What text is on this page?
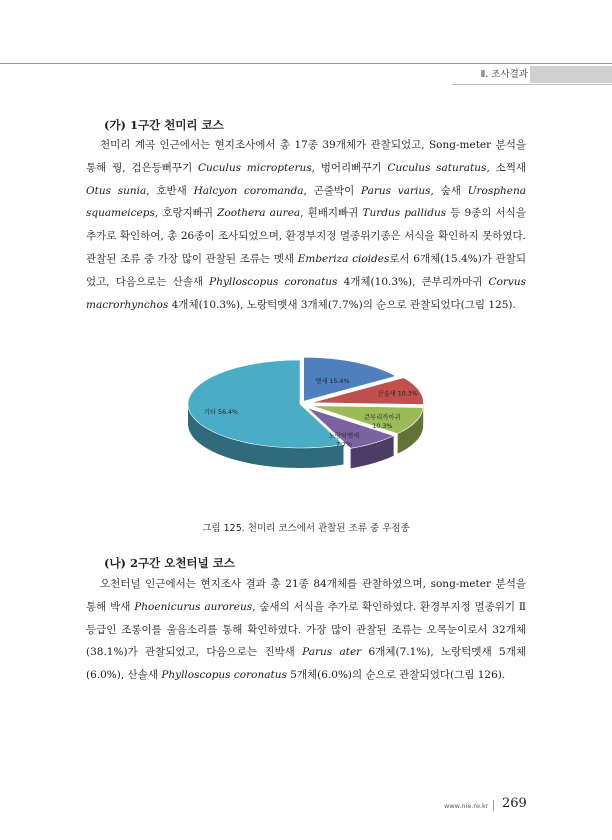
Ⅱ. 조사결과
(가) 1구간 천미리 코스

천미리 계곡 인근에서는 현지조사에서 총 17종 39개체가 관찰되었고, Song-meter 분석을 통해 꿩, 검은등뻐꾸기 Cuculus micropterus, 벙어리뻐꾸기 Cuculus saturatus, 소쩍새 Otus sunia, 호반새 Halcyon coromanda, 곤줄박이 Parus varius, 숲새 Urosphena squameiceps, 호랑지빠귀 Zoothera aurea, 흰배지빠귀 Turdus pallidus 등 9종의 서식을 추가로 확인하여, 총 26종이 조사되었으며, 환경부지정 멸종위기종은 서식을 확인하지 못하였다. 관찰된 조류 중 가장 많이 관찰된 조류는 멧새 Emberiza cioides로서 6개체(15.4%)가 관찰되었고, 다음으로는 산솔새 Phylloscopus coronatus 4개체(10.3%), 큰부리까마귀 Corvus macrorhynchos 4개체(10.3%), 노랑턱멧새 3개체(7.7%)의 순으로 관찰되었다(그림 125).

멧새 15.4%
산솔새 10.3%
큰부리까마귀 10.3%
노랑턱멧새 7.7%
기타 56.4%
그림 125. 천미리 코스에서 관찰된 조류 중 우점종
(나) 2구간 오천터널 코스

오천터널 인근에서는 현지조사 결과 총 21종 84개체를 관찰하였으며, song-meter 분석을 통해 박새 Phoenicurus auroreus, 숲새의 서식을 추가로 확인하였다. 환경부지정 멸종위기 Ⅱ등급인 조롱이를 울음소리를 통해 확인하였다. 가장 많이 관찰된 조류는 오목눈이로서 32개체(38.1%)가 관찰되었고, 다음으로는 진박새 Parus ater 6개체(7.1%), 노랑턱멧새 5개체(6.0%), 산솔새 Phylloscopus coronatus 5개체(6.0%)의 순으로 관찰되었다(그림 126).

www.nie.re.kr 269
